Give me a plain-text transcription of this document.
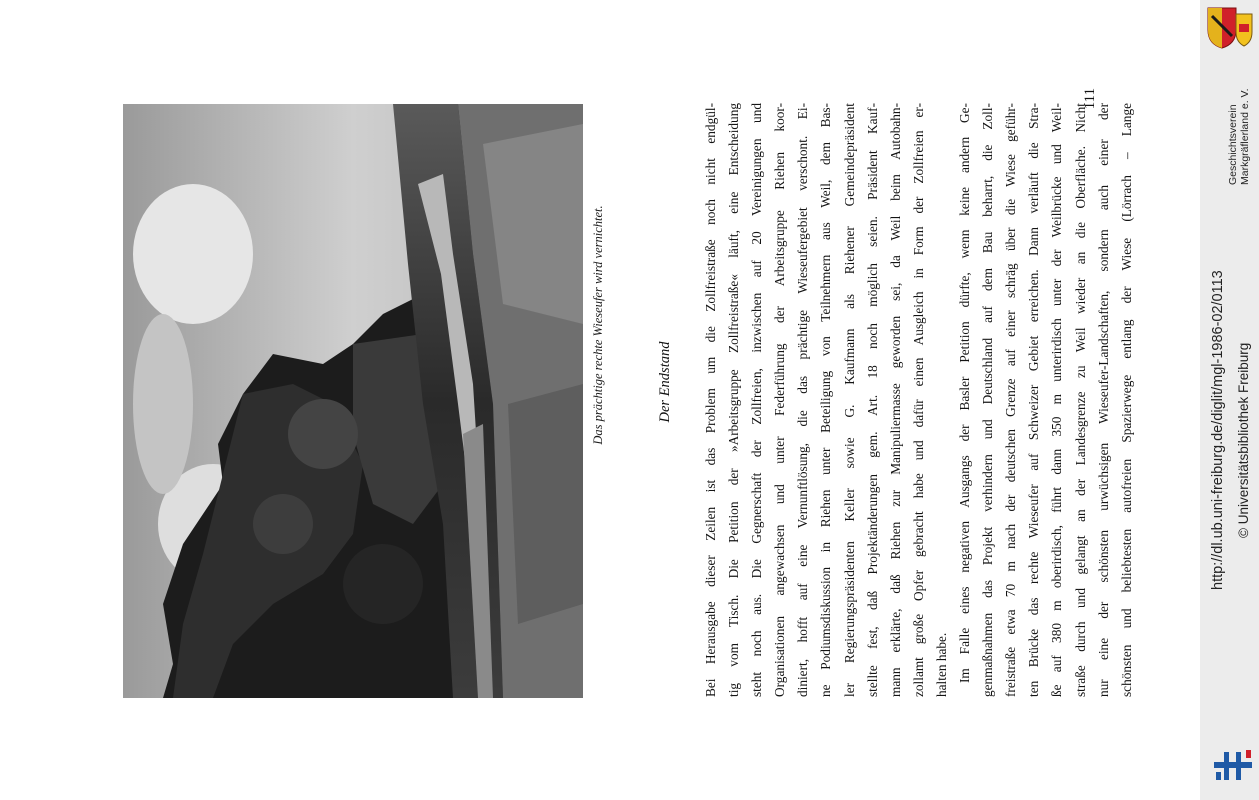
Das prächtige rechte Wieseufer wird vernichtet.	Der Endstand	Bei Herausgabe dieser Zeilen ist das Problem um die Zollfreistraße noch nicht endgül- tig vom Tisch. Die Petition der »Arbeitsgruppe Zollfreistraße« läuft, eine Entscheidung steht noch aus. Die Gegnerschaft der Zollfreien, inzwischen auf 20 Vereinigungen und Organisationen angewachsen und unter Federführung der Arbeitsgruppe Riehen koor- diniert, hofft auf eine Vernunftlösung, die das prächtige Wieseufergebiet verschont. Ei- ne Podiumsdiskussion in Riehen unter Beteiligung von Teilnehmern aus Weil, dem Bas- ler Regierungspräsidenten Keller sowie G. Kaufmann als Riehener Gemeindepräsident stellte fest, daß Projektänderungen gem. Art. 18 noch möglich seien. Präsident Kauf- mann erklärte, daß Riehen zur Manipuliermasse geworden sei, da Weil beim Autobahn- zollamt große Opfer gebracht habe und dafür einen Ausgleich in Form der Zollfreien er- halten habe. Im Falle eines negativen Ausgangs der Basler Petition dürfte, wenn keine andern Ge- genmaßnahmen das Projekt verhindern und Deutschland auf dem Bau beharrt, die Zoll- freistraße etwa 70 m nach der deutschen Grenze auf einer schräg über die Wiese geführ- ten Brücke das rechte Wieseufer auf Schweizer Gebiet erreichen. Dann verläuft die Stra- ße auf 380 m oberirdisch, führt dann 350 m unterirdisch unter der Weilbrücke und Weil- straße durch und gelangt an der Landesgrenze zu Weil wieder an die Oberfläche. Nicht nur eine der schönsten urwüchsigen Wieseufer-Landschaften, sondern auch einer der schönsten und beliebtesten autofreien Spazierwege entlang der Wiese (Lörrach – Lange

111
Geschichtsverein Markgräflerland e. V.
http://dl.ub.uni-freiburg.de/diglit/mgl-1986-02/0113 © Universitätsbibliothek Freiburg
